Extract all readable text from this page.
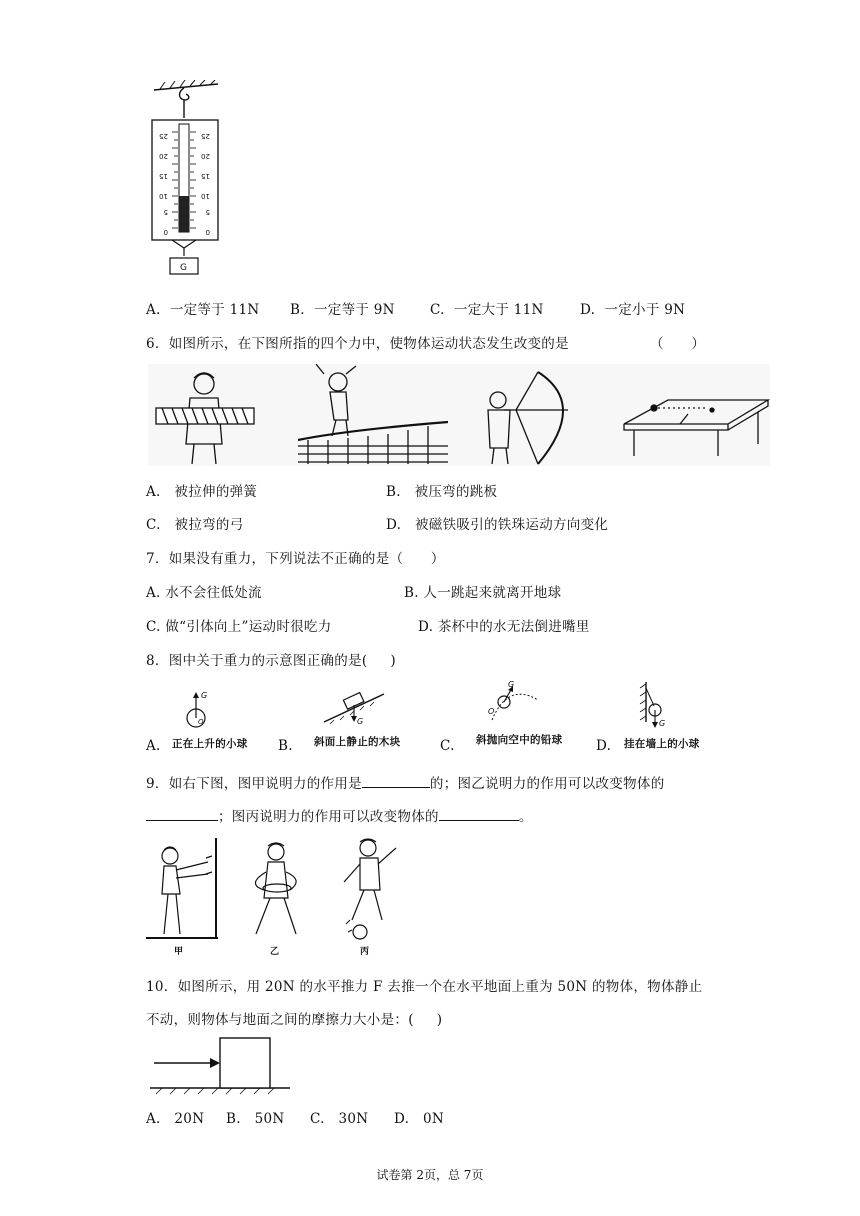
0
5
10
15
20
25
0
5
10
15
20
25
G
A.  一定等于 11N B.  一定等于 9N	C.  一定大于 11N	D.  一定小于 9N
6．如图所示，在下图所指的四个力中，使物体运动状态发生改变的是	（      ）
A.   被拉伸的弹簧	B.   被压弯的跳板
C.   被拉弯的弓	D.   被磁铁吸引的铁珠运动方向变化
7．如果没有重力，下列说法不正确的是（      ）
A. 水不会往低处流	B. 人一跳起来就离开地球
C. 做“引体向上”运动时很吃力	D. 茶杯中的水无法倒进嘴里
8．图中关于重力的示意图正确的是(     )
G
O	G
G
O
G
A. 正在上升的小球 B. 斜面上静止的木块	C. 斜抛向空中的铅球 D. 挂在墙上的小球
9．如右下图，图甲说明力的作用是	的；图乙说明力的作用可以改变物体的
；图丙说明力的作用可以改变物体的	。
甲	乙	丙
10．如图所示，用 20N 的水平推力 F 去推一个在水平地面上重为 50N 的物体，物体静止
不动，则物体与地面之间的摩擦力大小是：(     )
A.   20N B.   50N C.   30N D.   0N
试卷第 2页，总 7页
